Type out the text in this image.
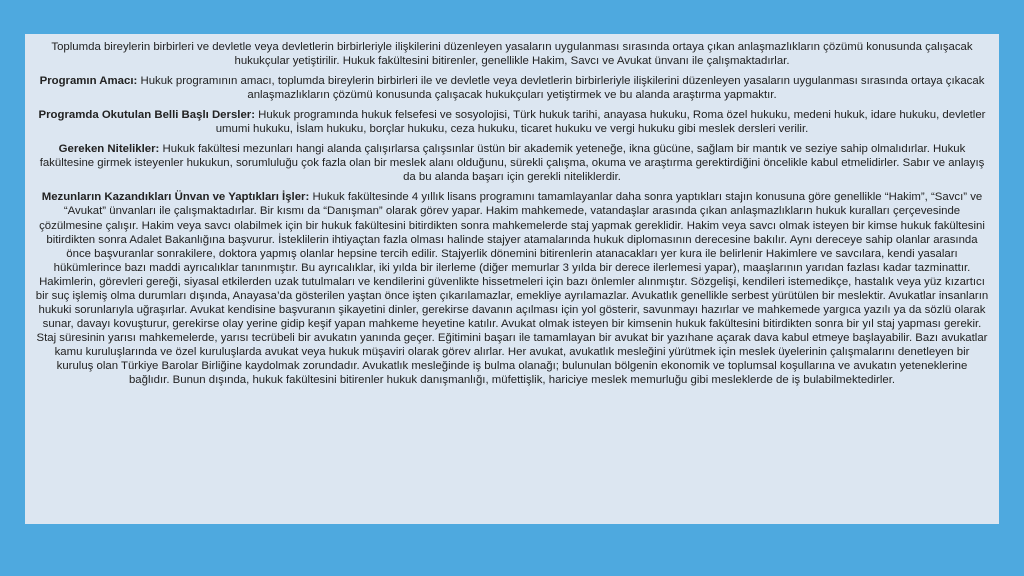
Toplumda bireylerin birbirleri ve devletle veya devletlerin birbirleriyle ilişkilerini düzenleyen yasaların uygulanması sırasında ortaya çıkan anlaşmazlıkların çözümü konusunda çalışacak hukukçular yetiştirilir. Hukuk fakültesini bitirenler, genellikle Hakim, Savcı ve Avukat ünvanı ile çalışmaktadırlar.

Programın Amacı: Hukuk programının amacı, toplumda bireylerin birbirleri ile ve devletle veya devletlerin birbirleriyle ilişkilerini düzenleyen yasaların uygulanması sırasında ortaya çıkacak anlaşmazlıkların çözümü konusunda çalışacak hukukçuları yetiştirmek ve bu alanda araştırma yapmaktır.

Programda Okutulan Belli Başlı Dersler: Hukuk programında hukuk felsefesi ve sosyolojisi, Türk hukuk tarihi, anayasa hukuku, Roma özel hukuku, medeni hukuk, idare hukuku, devletler umumi hukuku, İslam hukuku, borçlar hukuku, ceza hukuku, ticaret hukuku ve vergi hukuku gibi meslek dersleri verilir.

Gereken Nitelikler: Hukuk fakültesi mezunları hangi alanda çalışırlarsa çalışsınlar üstün bir akademik yeteneğe, ikna gücüne, sağlam bir mantık ve seziye sahip olmalıdırlar. Hukuk fakültesine girmek isteyenler hukukun, sorumluluğu çok fazla olan bir meslek alanı olduğunu, sürekli çalışma, okuma ve araştırma gerektirdiğini öncelikle kabul etmelidirler. Sabır ve anlayış da bu alanda başarı için gerekli niteliklerdir.

Mezunların Kazandıkları Ünvan ve Yaptıkları İşler: Hukuk fakültesinde 4 yıllık lisans programını tamamlayanlar daha sonra yaptıkları stajın konusuna göre genellikle “Hakim”, “Savcı” ve “Avukat” ünvanları ile çalışmaktadırlar. Bir kısmı da “Danışman” olarak görev yapar. Hakim mahkemede, vatandaşlar arasında çıkan anlaşmazlıkların hukuk kuralları çerçevesinde çözülmesine çalışır. Hakim veya savcı olabilmek için bir hukuk fakültesini bitirdikten sonra mahkemelerde staj yapmak gereklidir. Hakim veya savcı olmak isteyen bir kimse hukuk fakültesini bitirdikten sonra Adalet Bakanlığına başvurur. İsteklilerin ihtiyaçtan fazla olması halinde stajyer atamalarında hukuk diplomasının derecesine bakılır. Aynı dereceye sahip olanlar arasında önce başvuranlar sonrakilere, doktora yapmış olanlar hepsine tercih edilir. Stajyerlik dönemini bitirenlerin atanacakları yer kura ile belirlenir Hakimlere ve savcılara, kendi yasaları hükümlerince bazı maddi ayrıcalıklar tanınmıştır. Bu ayrıcalıklar, iki yılda bir ilerleme (diğer memurlar 3 yılda bir derece ilerlemesi yapar), maaşlarının yarıdan fazlası kadar tazminattır. Hakimlerin, görevleri gereği, siyasal etkilerden uzak tutulmaları ve kendilerini güvenlikte hissetmeleri için bazı önlemler alınmıştır. Sözgelişi, kendileri istemedikçe, hastalık veya yüz kızartıcı bir suç işlemiş olma durumları dışında, Anayasa’da gösterilen yaştan önce işten çıkarılamazlar, emekliye ayrılamazlar. Avukatlık genellikle serbest yürütülen bir meslektir. Avukatlar insanların hukuki sorunlarıyla uğraşırlar. Avukat kendisine başvuranın şikayetini dinler, gerekirse davanın açılması için yol gösterir, savunmayı hazırlar ve mahkemede yargıca yazılı ya da sözlü olarak sunar, davayı kovuşturur, gerekirse olay yerine gidip keşif yapan mahkeme heyetine katılır. Avukat olmak isteyen bir kimsenin hukuk fakültesini bitirdikten sonra bir yıl staj yapması gerekir. Staj süresinin yarısı mahkemelerde, yarısı tecrübeli bir avukatın yanında geçer. Eğitimini başarı ile tamamlayan bir avukat bir yazıhane açarak dava kabul etmeye başlayabilir. Bazı avukatlar kamu kuruluşlarında ve özel kuruluşlarda avukat veya hukuk müşaviri olarak görev alırlar. Her avukat, avukatlık mesleğini yürütmek için meslek üyelerinin çalışmalarını denetleyen bir kuruluş olan Türkiye Barolar Birliğine kaydolmak zorundadır. Avukatlık mesleğinde iş bulma olanağı; bulunulan bölgenin ekonomik ve toplumsal koşullarına ve avukatın yeteneklerine bağlıdır. Bunun dışında, hukuk fakültesini bitirenler hukuk danışmanlığı, müfettişlik, hariciye meslek memurluğu gibi mesleklerde de iş bulabilmektedirler.
